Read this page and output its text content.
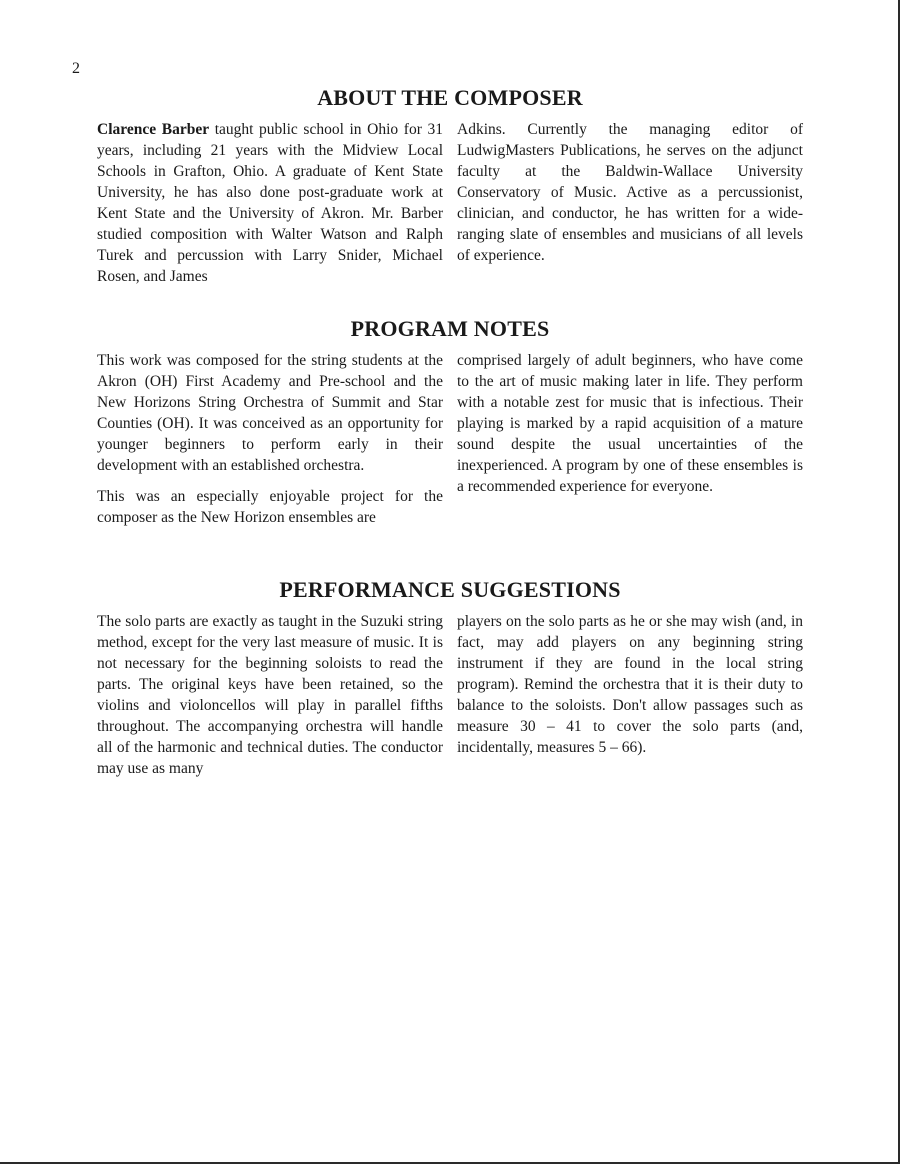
2
ABOUT THE COMPOSER

Clarence Barber taught public school in Ohio for 31 years, including 21 years with the Midview Local Schools in Grafton, Ohio. A graduate of Kent State University, he has also done post-graduate work at Kent State and the University of Akron. Mr. Barber studied composition with Walter Watson and Ralph Turek and percussion with Larry Snider, Michael Rosen, and James

Adkins. Currently the managing editor of LudwigMasters Publications, he serves on the adjunct faculty at the Baldwin-Wallace University Conservatory of Music. Active as a percussionist, clinician, and conductor, he has written for a wide-ranging slate of ensembles and musicians of all levels of experience.

PROGRAM NOTES

This work was composed for the string students at the Akron (OH) First Academy and Pre-school and the New Horizons String Orchestra of Summit and Star Counties (OH). It was conceived as an opportunity for younger beginners to perform early in their development with an established orchestra.

This was an especially enjoyable project for the composer as the New Horizon ensembles are

comprised largely of adult beginners, who have come to the art of music making later in life. They perform with a notable zest for music that is infectious. Their playing is marked by a rapid acquisition of a mature sound despite the usual uncertainties of the inexperienced. A program by one of these ensembles is a recommended experience for everyone.

PERFORMANCE SUGGESTIONS

The solo parts are exactly as taught in the Suzuki string method, except for the very last measure of music. It is not necessary for the beginning soloists to read the parts. The original keys have been retained, so the violins and violoncellos will play in parallel fifths throughout. The accompanying orchestra will handle all of the harmonic and technical duties. The conductor may use as many

players on the solo parts as he or she may wish (and, in fact, may add players on any beginning string instrument if they are found in the local string program). Remind the orchestra that it is their duty to balance to the soloists. Don't allow passages such as measure 30 – 41 to cover the solo parts (and, incidentally, measures 5 – 66).
